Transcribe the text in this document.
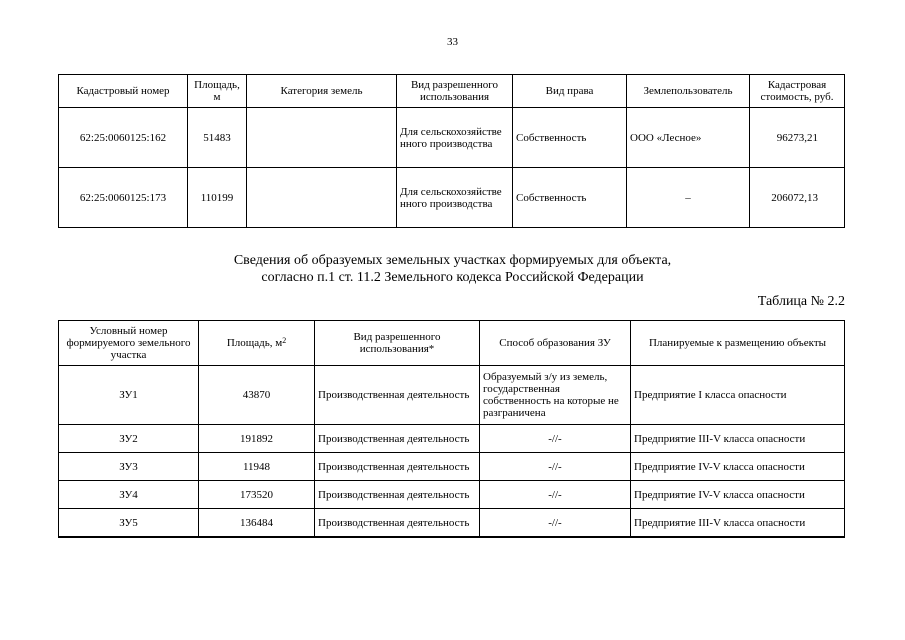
33
Кадастровый номер	Площадь, м	Категория земель	Вид разрешенного использования	Вид права	Землепользователь	Кадастровая стоимость, руб.
62:25:0060125:162	51483		Для сельскохозяйстве нного производства	Собственность	ООО «Лесное»	96273,21
62:25:0060125:173	110199		Для сельскохозяйстве нного производства	Собственность	–	206072,13
Сведения об образуемых земельных участках формируемых для объекта,
согласно п.1 ст. 11.2 Земельного кодекса Российской Федерации
Таблица № 2.2
Условный номер формируемого земельного участка	Площадь, $м^2$	Вид разрешенного использования*	Способ образования ЗУ	Планируемые к размещению объекты
ЗУ1	43870	Производственная деятельность	Образуемый з/у из земель, государственная собственность на которые не разграничена	Предприятие I класса опасности
ЗУ2	191892	Производственная деятельность	-//-	Предприятие III-V класса опасности
ЗУ3	11948	Производственная деятельность	-//-	Предприятие IV-V класса опасности
ЗУ4	173520	Производственная деятельность	-//-	Предприятие IV-V класса опасности
ЗУ5	136484	Производственная деятельность	-//-	Предприятие III-V класса опасности
